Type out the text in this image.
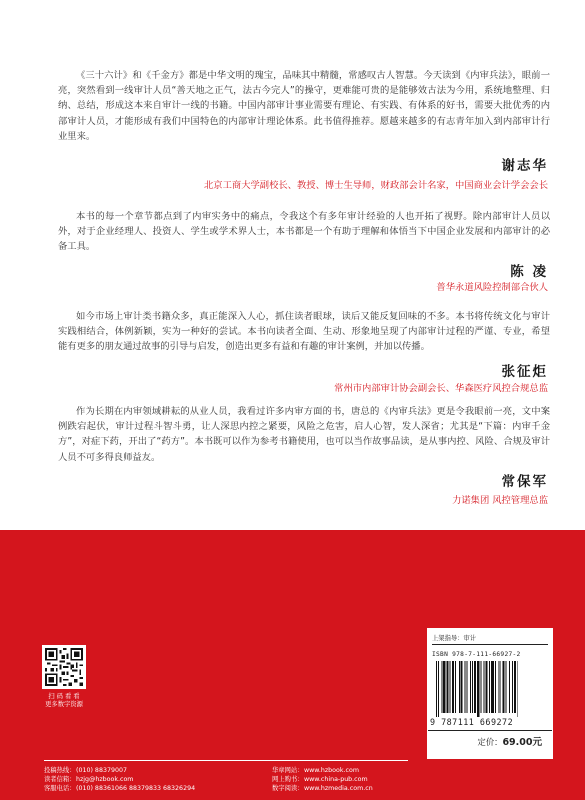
《三十六计》和《千金方》都是中华文明的瑰宝，品味其中精髓，常感叹古人智慧。今天读到《内审兵法》，眼前一亮，突然看到一线审计人员“善天地之正气，法古今完人”的操守，更难能可贵的是能够效古法为今用，系统地整理、归纳、总结，形成这本来自审计一线的书籍。中国内部审计事业需要有理论、有实践、有体系的好书，需要大批优秀的内部审计人员，才能形成有我们中国特色的内部审计理论体系。此书值得推荐。愿越来越多的有志青年加入到内部审计行业里来。

谢志华
北京工商大学副校长、教授、博士生导师，财政部会计名家，中国商业会计学会会长

本书的每一个章节都点到了内审实务中的痛点，令我这个有多年审计经验的人也开拓了视野。除内部审计人员以外，对于企业经理人、投资人、学生或学术界人士，本书都是一个有助于理解和体悟当下中国企业发展和内部审计的必备工具。

陈 凌
普华永道风险控制部合伙人

如今市场上审计类书籍众多，真正能深入人心，抓住读者眼球，读后又能反复回味的不多。本书将传统文化与审计实践相结合，体例新颖，实为一种好的尝试。本书向读者全面、生动、形象地呈现了内部审计过程的严谨、专业，希望能有更多的朋友通过故事的引导与启发，创造出更多有益和有趣的审计案例，并加以传播。

张征炬
常州市内部审计协会副会长、华森医疗风控合规总监

作为长期在内审领域耕耘的从业人员，我看过许多内审方面的书，唐总的《内审兵法》更是令我眼前一亮，文中案例跌宕起伏，审计过程斗智斗勇，让人深思内控之紧要，风险之危害，启人心智，发人深省；尤其是“下篇：内审千金方”，对症下药，开出了“药方”。本书既可以作为参考书籍使用，也可以当作故事品读，是从事内控、风险、合规及审计人员不可多得良师益友。

常保军
力诺集团 风控管理总监
扫 码 看 看
更多数字资源
上架指导：审计
ISBN 978-7-111-66927-2
9 787111 669272
定价：69.00元
投稿热线：(010) 88379007
读者信箱：hzjg@hzbook.com
客服电话：(010) 88361066 88379833 68326294
华章网站：www.hzbook.com
网上购书：www.china-pub.com
数字阅读：www.hzmedia.com.cn
